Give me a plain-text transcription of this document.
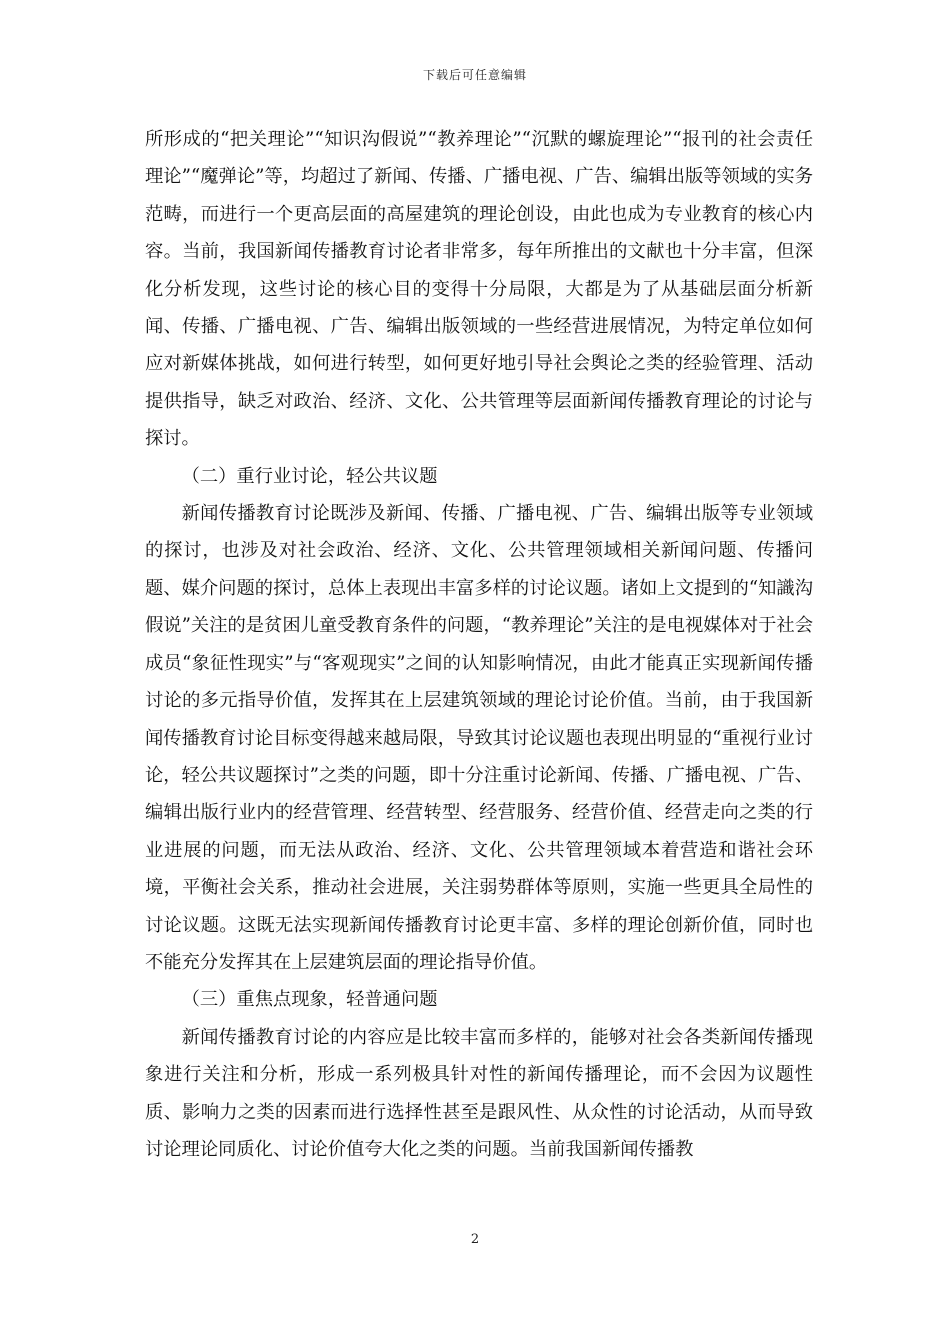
下载后可任意编辑

所形成的“把关理论”“知识沟假说”“教养理论”“沉默的螺旋理论”“报刊的社会责任理论”“魔弹论”等，均超过了新闻、传播、广播电视、广告、编辑出版等领域的实务范畴，而进行一个更高层面的高屋建筑的理论创设，由此也成为专业教育的核心内容。当前，我国新闻传播教育讨论者非常多，每年所推出的文献也十分丰富，但深化分析发现，这些讨论的核心目的变得十分局限，大都是为了从基础层面分析新闻、传播、广播电视、广告、编辑出版领域的一些经营进展情况，为特定单位如何应对新媒体挑战，如何进行转型，如何更好地引导社会舆论之类的经验管理、活动提供指导，缺乏对政治、经济、文化、公共管理等层面新闻传播教育理论的讨论与探讨。

（二）重行业讨论，轻公共议题

新闻传播教育讨论既涉及新闻、传播、广播电视、广告、编辑出版等专业领域的探讨，也涉及对社会政治、经济、文化、公共管理领域相关新闻问题、传播问题、媒介问题的探讨，总体上表现出丰富多样的讨论议题。诸如上文提到的“知識沟假说”关注的是贫困儿童受教育条件的问题，“教养理论”关注的是电视媒体对于社会成员“象征性现实”与“客观现实”之间的认知影响情况，由此才能真正实现新闻传播讨论的多元指导价值，发挥其在上层建筑领域的理论讨论价值。当前，由于我国新闻传播教育讨论目标变得越来越局限，导致其讨论议题也表现出明显的“重视行业讨论，轻公共议题探讨”之类的问题，即十分注重讨论新闻、传播、广播电视、广告、编辑出版行业内的经营管理、经营转型、经营服务、经营价值、经营走向之类的行业进展的问题，而无法从政治、经济、文化、公共管理领域本着营造和谐社会环境，平衡社会关系，推动社会进展，关注弱势群体等原则，实施一些更具全局性的讨论议题。这既无法实现新闻传播教育讨论更丰富、多样的理论创新价值，同时也不能充分发挥其在上层建筑层面的理论指导价值。

（三）重焦点现象，轻普通问题

新闻传播教育讨论的内容应是比较丰富而多样的，能够对社会各类新闻传播现象进行关注和分析，形成一系列极具针对性的新闻传播理论，而不会因为议题性质、影响力之类的因素而进行选择性甚至是跟风性、从众性的讨论活动，从而导致讨论理论同质化、讨论价值夸大化之类的问题。当前我国新闻传播教

2
